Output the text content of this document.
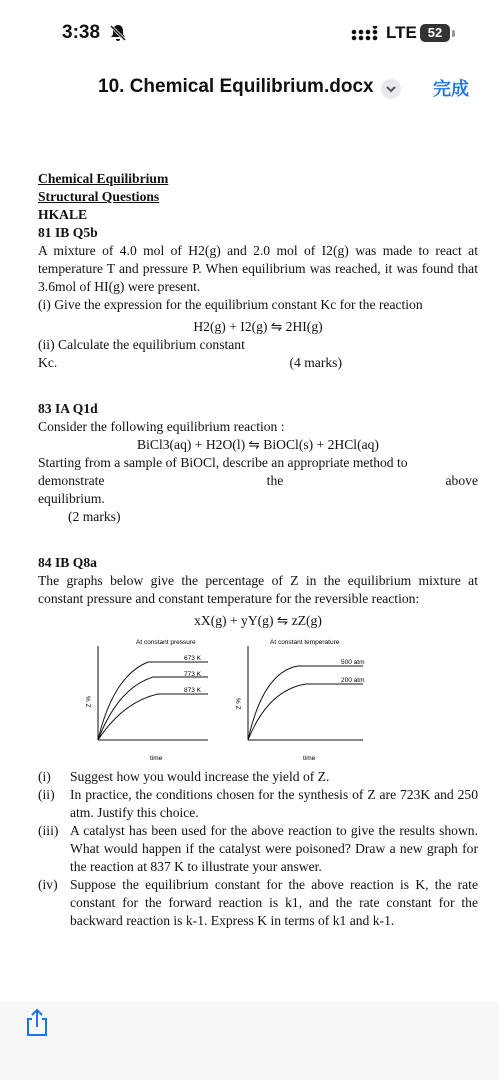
3:38	LTE 52
10. Chemical Equilibrium.docx	完成

Chemical Equilibrium

Structural Questions

HKALE

81 IB Q5b

A mixture of 4.0 mol of H2(g) and 2.0 mol of I2(g) was made to react at temperature T and pressure P. When equilibrium was reached, it was found that 3.6mol of HI(g) were present.

(i) Give the expression for the equilibrium constant Kc for the reaction

H2(g) + I2(g) ⇋ 2HI(g)

(ii) Calculate the equilibrium constant

Kc.	(4 marks)

83 IA Q1d

Consider the following equilibrium reaction :

BiCl3(aq) + H2O(l) ⇋ BiOCl(s) + 2HCl(aq)

Starting from a sample of BiOCl, describe an appropriate method to

demonstrate	the	above

equilibrium.

(2 marks)

84 IB Q8a

The graphs below give the percentage of Z in the equilibrium mixture at constant pressure and constant temperature for the reversible reaction:

xX(g) + yY(g) ⇋ zZ(g)

At constant pressure
673 K
773 K
873 K
% Z
time
At constant temperature
500 atm
200 atm
% Z
time
(i)	Suggest how you would increase the yield of Z.
(ii)	In practice, the conditions chosen for the synthesis of Z are 723K and 250 atm. Justify this choice.
(iii) A catalyst has been used for the above reaction to give the results shown. What would happen if the catalyst were poisoned? Draw a new graph for the reaction at 837 K to illustrate your answer.
(iv) Suppose the equilibrium constant for the above reaction is K, the rate constant for the forward reaction is k1, and the rate constant for the backward reaction is k-1. Express K in terms of k1 and k-1.
